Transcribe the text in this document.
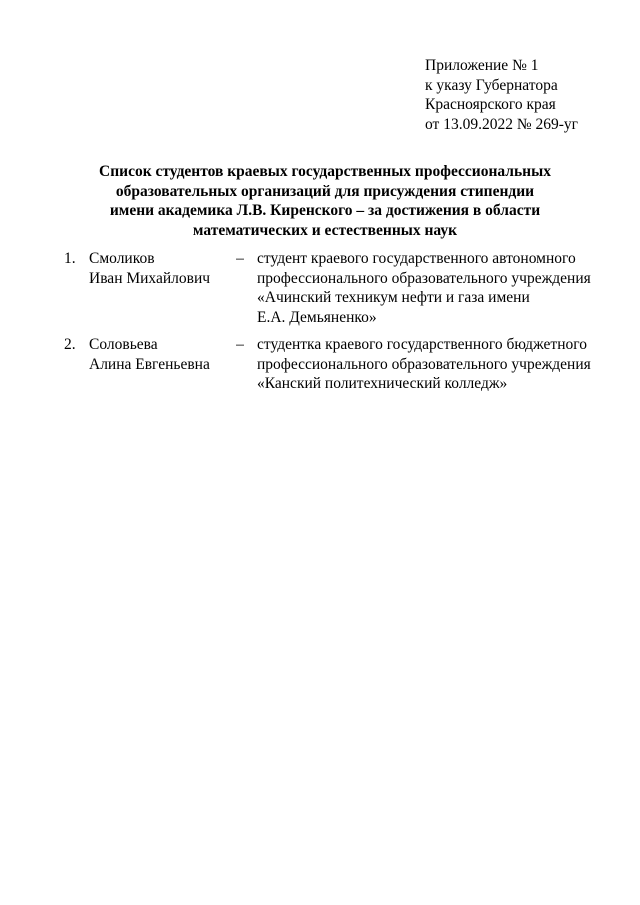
Приложение № 1
к указу Губернатора
Красноярского края
от 13.09.2022 № 269-уг
Список студентов краевых государственных профессиональных
образовательных организаций для присуждения стипендии
имени академика Л.В. Киренского – за достижения в области
математических и естественных наук
1. Смоликов
Иван Михайлович
– студент краевого государственного автономного
профессионального образовательного учреждения
«Ачинский техникум нефти и газа имени
Е.А. Демьяненко»
2. Соловьева
Алина Евгеньевна
– студентка краевого государственного бюджетного
профессионального образовательного учреждения
«Канский политехнический колледж»
